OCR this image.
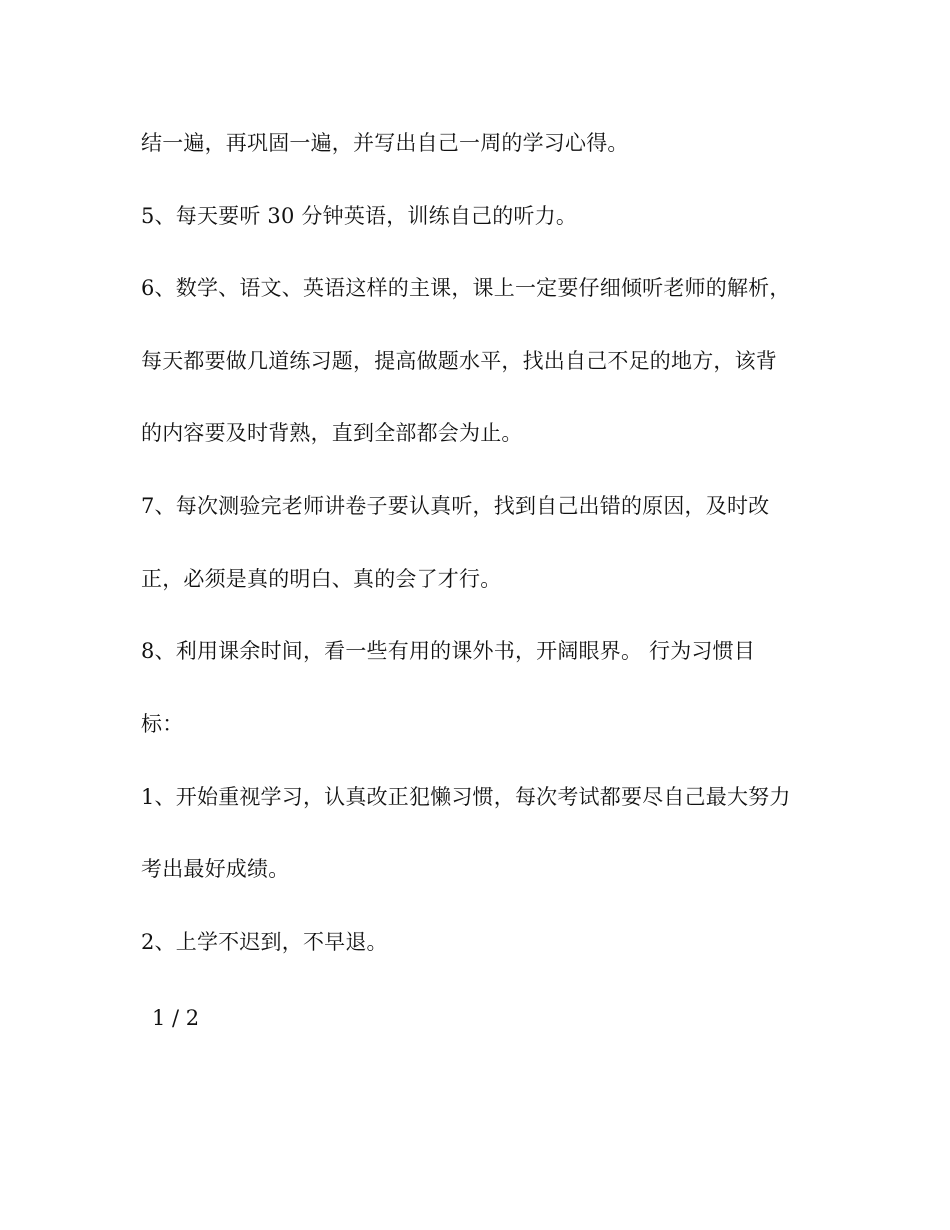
结一遍，再巩固一遍，并写出自己一周的学习心得。
5、每天要听 30 分钟英语，训练自己的听力。
6、数学、语文、英语这样的主课，课上一定要仔细倾听老师的解析，
每天都要做几道练习题，提高做题水平，找出自己不足的地方，该背
的内容要及时背熟，直到全部都会为止。
7、每次测验完老师讲卷子要认真听，找到自己出错的原因，及时改
正，必须是真的明白、真的会了才行。
8、利用课余时间，看一些有用的课外书，开阔眼界。 行为习惯目
标：
1、开始重视学习，认真改正犯懒习惯，每次考试都要尽自己最大努力
考出最好成绩。
2、上学不迟到，不早退。
1 / 2
